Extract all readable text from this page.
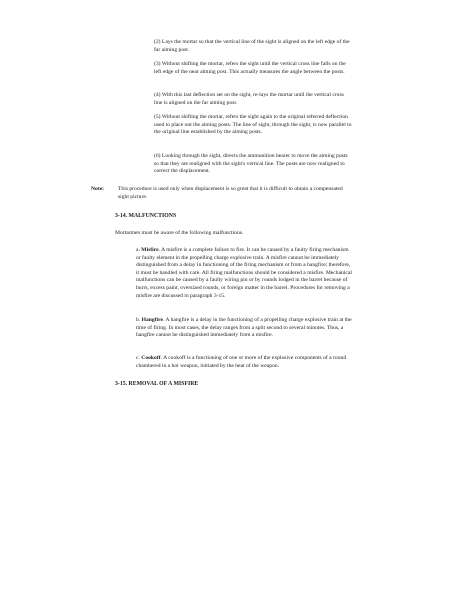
(2) Lays the mortar so that the vertical line of the sight is aligned on the left edge of the far aiming post.

(3) Without shifting the mortar, refers the sight until the vertical cross line falls on the left edge of the near aiming post. This actually measures the angle between the posts.

(4) With this last deflection set on the sight, re-lays the mortar until the vertical cross line is aligned on the far aiming post.

(5) Without shifting the mortar, refers the sight again to the original referred deflection used to place out the aiming posts. The line of sight, through the sight, is now parallel to the original line established by the aiming posts.

(6) Looking through the sight, directs the ammunition bearer to move the aiming posts so that they are realigned with the sight's vertical line. The posts are now realigned to correct the displacement.

Note: This procedure is used only when displacement is so great that it is difficult to obtain a compensated sight picture.

3-14. MALFUNCTIONS

Mortarmen must be aware of the following malfunctions.

a. Misfire. A misfire is a complete failure to fire. It can be caused by a faulty firing mechanism or faulty element in the propelling charge explosive train. A misfire cannot be immediately distinguished from a delay in functioning of the firing mechanism or from a hangfire; therefore, it must be handled with care. All firing malfunctions should be considered a misfire. Mechanical malfunctions can be caused by a faulty wiring pin or by rounds lodged in the barrel because of burrs, excess paint, oversized rounds, or foreign matter in the barrel. Procedures for removing a misfire are discussed in paragraph 3-15.

b. Hangfire. A hangfire is a delay in the functioning of a propelling charge explosive train at the time of firing. In most cases, the delay ranges from a split second to several minutes. Thus, a hangfire cannot be distinguished immediately from a misfire.

c. Cookoff. A cookoff is a functioning of one or more of the explosive components of a round chambered in a hot weapon, initiated by the heat of the weapon.

3-15. REMOVAL OF A MISFIRE
